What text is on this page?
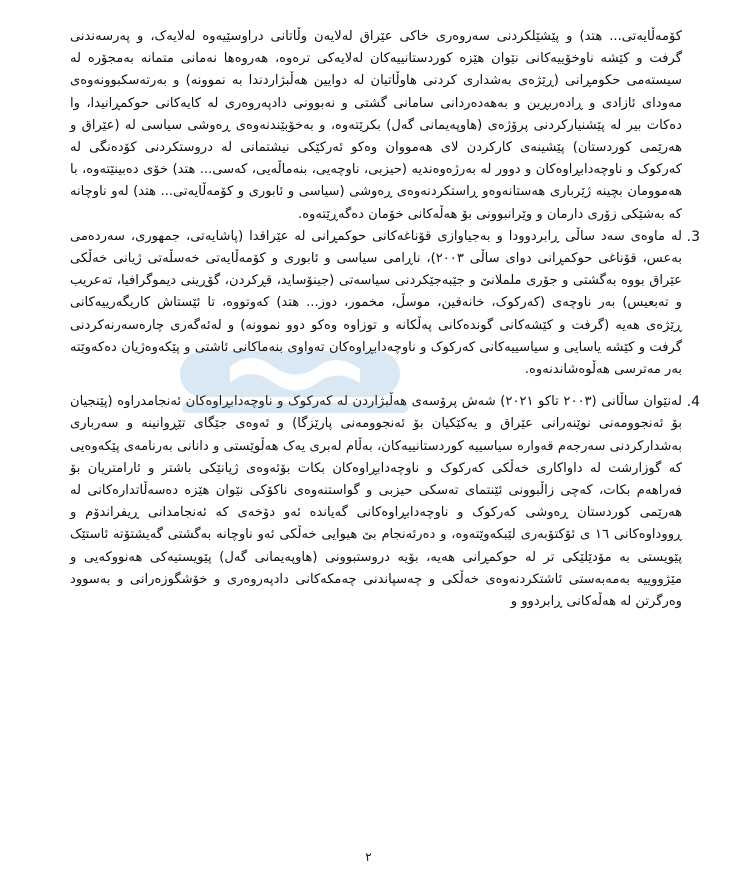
کۆمەڵایەتی... هتد) و پێشێلکردنی سەروەری خاکی عێراق لەلایەن وڵاتانی دراوسێیەوە لەلایەک، و پەرسەندنی گرفت و کێشە ناوخۆییەکانی نێوان هێزە کوردستانییەکان لەلایەکی ترەوە، هەروەها نەمانی متمانە بەمجۆرە لە سیستەمی حکومڕانی (ڕێژەی بەشداری کردنی هاوڵاتیان لە دوایین هەڵبژاردندا بە نموونە) و بەرتەسکبوونەوەی مەودای ئازادی و ڕادەربڕین و بەهەدەردانی سامانی گشتی و نەبوونی دادپەروەری لە کایەکانی حوکمڕانیدا، وا دەکات بیر لە پێشنیارکردنی پرۆژەی (هاوپەیمانی گەل) بکرێتەوە، و بەخۆبێندنەوەی ڕەوشی سیاسی لە (عێراق و هەرێمی کوردستان) پێشینەی کارکردن لای هەمووان وەکو ئەرکێکی نیشتمانی لە دروستکردنی کۆدەنگی لە کەرکوک و ناوچەدابڕاوەکان و دوور لە بەرژەوەندیە (حیزبی، ناوچەیی، بنەماڵەیی، کەسی... هتد) خۆی دەبینێتەوە، با هەموومان بچینە ژێرباری هەستانەوەو ڕاستکردنەوەی ڕەوشی (سیاسی و ئابوری و کۆمەڵایەتی... هتد) لەو ناوچانە کە بەشێکی زۆری دارمان و وێرانبوونی بۆ هەڵەکانی خۆمان دەگەڕێتەوە.

.3

لە ماوەی سەد ساڵی ڕابردوودا و بەجیاوازی قۆناغەکانی حوکمڕانی لە عێراقدا (پاشایەتی، جمهوری، سەردەمی بەعس، قۆناغی حوکمڕانی دوای ساڵی ٢٠٠٣)، ناڕامی سیاسی و ئابوری و کۆمەڵایەتی خەسڵەتی ژیانی خەڵکی عێراق بووە بەگشتی و جۆری ململانێ و جێبەجێکردنی سیاسەتی (جینۆساید، قڕکردن، گۆڕینی دیموگرافیا، تەعریب و تەبعیس) بەر ناوچەی (کەرکوک، خانەقین، موسڵ، مخمور، دوز... هتد) کەوتووە، تا ئێستاش کاریگەرییەکانی ڕێژەی هەیە (گرفت و کێشەکانی گوندەکانی پەڵکانە و توزاوە وەکو دوو نموونە) و لەئەگەری چارەسەرنەکردنی گرفت و کێشە یاسایی و سیاسییەکانی کەرکوک و ناوچەدابڕاوەکان تەواوی بنەماکانی ئاشتی و پێکەوەژیان دەکەوێتە بەر مەترسی هەڵوەشاندنەوە.

.4

لەنێوان ساڵانی (٢٠٠٣ تاکو ٢٠٢١) شەش پرۆسەی هەڵبژاردن لە کەرکوک و ناوچەدابڕاوەکان ئەنجامدراوە (پێنجیان بۆ ئەنجوومەنی نوێنەرانی عێراق و یەکێکیان بۆ ئەنجوومەنی پارێزگا) و ئەوەی جێگای تێڕوانینە و سەرباری بەشدارکردنی سەرجەم قەوارە سیاسییە کوردستانییەکان، بەڵام لەبری یەک هەڵوێستی و دانانی بەرنامەی پێکەوەیی کە گوزارشت لە داواکاری خەڵکی کەرکوک و ناوچەدابڕاوەکان بکات بۆئەوەی ژیانێکی باشتر و ئارامتریان بۆ فەراهەم بکات، کەچی زاڵبوونی ئێنتمای تەسکی حیزبی و گواستنەوەی ناکۆکی نێوان هێزە دەسەڵاتدارەکانی لە هەرێمی کوردستان ڕەوشی کەرکوک و ناوچەدابڕاوەکانی گەیاندە ئەو دۆخەی کە ئەنجامدانی ڕیفراندۆم و ڕووداوەکانی ١٦ ی ئۆکتۆبەری لێبکەوێتەوە، و دەرئەنجام بێ هیوایی خەڵکی ئەو ناوچانە بەگشتی گەیشتۆتە ئاستێک پێویستی بە مۆدێلێکی تر لە حوکمڕانی هەیە، بۆیە دروستبوونی (هاوپەیمانی گەل) پێویستیەکی هەنووکەیی و مێژووییە بەمەبەستی ئاشتکردنەوەی خەڵکی و چەسپاندنی چەمکەکانی دادپەروەری و خۆشگوزەرانی و بەسوود وەرگرتن لە هەڵەکانی ڕابردوو و

٢
